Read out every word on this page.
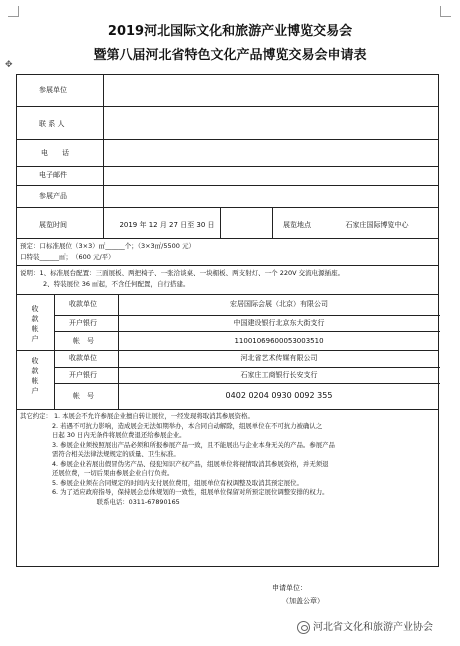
2019河北国际文化和旅游产业博览交易会
暨第八届河北省特色文化产品博览交易会申请表
✥
参展单位
联 系 人
电　　话
电子邮件
参展产品
展览时间	2019 年 12 月 27 日至 30 日	展览地点	石家庄国际博览中心
预定：口标准展位（3×3）㎡______个；（3×3㎡/5500 元）
口特装______㎡；　（600 元/平）
说明：1、标准展台配置：三面展板、两把椅子、一张洽谈桌、一块楣板、两支射灯、一个 220V 交流电源插座。
2、特装展位 36 ㎡起，不含任何配置，自行搭建。
收款帐户
收款单位	宏居国际会展（北京）有限公司
开户银行	中国建设银行北京东大街支行
帐　号	11001069600053003510
收款帐户
收款单位	河北省艺术传媒有限公司
开户银行	石家庄工商银行长安支行
帐　号	0402 0204 0930 0092 355
其它约定： 1. 本展会不允许参展企业擅自转让展位，一经发现将取消其参展资格。
　　　　　2. 若遇不可抗力影响，造成展会无法如期举办，本合同自动解除，组展单位在不可抗力被确认之
　　　　　日起 30 日内无条件将展位费退还给参展企业。
　　　　　3. 参展企业须按照展出产品必须和所报参展产品一致，且不能展出与企业本身无关的产品。参展产品
　　　　　需符合相关法律法规规定的质量、卫生标准。
　　　　　4. 参展企业若展出假冒伪劣产品、侵犯知识产权产品，组展单位将视情取消其参展资格，并无须退
　　　　　还展位费，一切后果由参展企业自行负责。
　　　　　5. 参展企业须在合同规定的时间内支付展位费用，组展单位有权调整及取消其预定展位。
　　　　　6. 为了适应政府指导，保持展会总体规划的一致性，组展单位保留对所预定展位调整安排的权力。
　　　　　　　　　　　　联系电话：0311-67890165
申请单位：
（加盖公章）
河北省文化和旅游产业协会
